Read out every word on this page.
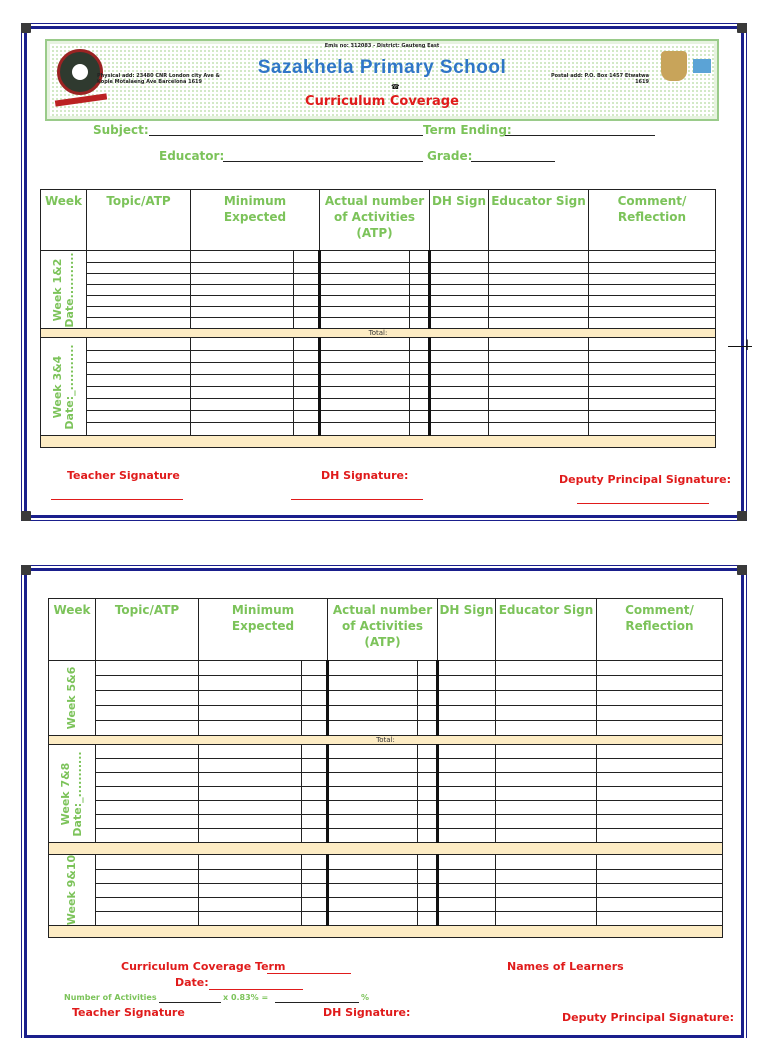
Emis no: 312083 - District: Gauteng East
Sazakhela Primary School
Physical add: 23480 CNR London city Ave & Kopie Motalaeng Ave Barcelona 1619
Postal add: P.O. Box 1457 Etwatwa 1619
☎
Curriculum Coverage
Subject:	Term Ending:
Educator:	Grade:
Week	Topic/ATP	Minimum Expected		Actual number of Activities (ATP)		DH Sign	Educator Sign	Comment/ Reflection

Week 1&2 Date...........								

Total:								

Week 3&4 Date:_...........								

Teacher Signature	DH Signature:	Deputy Principal Signature:
I
Week	Topic/ATP	Minimum Expected		Actual number of Activities (ATP)		DH Sign	Educator Sign	Comment/ Reflection

Week 5&6								

Total:								

Week 7&8 Date:_...........								

Week 9&10								

Curriculum Coverage Term
Date:
Names of Learners
Number of Activities	x 0.83% =	%
Teacher Signature	DH Signature:	Deputy Principal Signature:
